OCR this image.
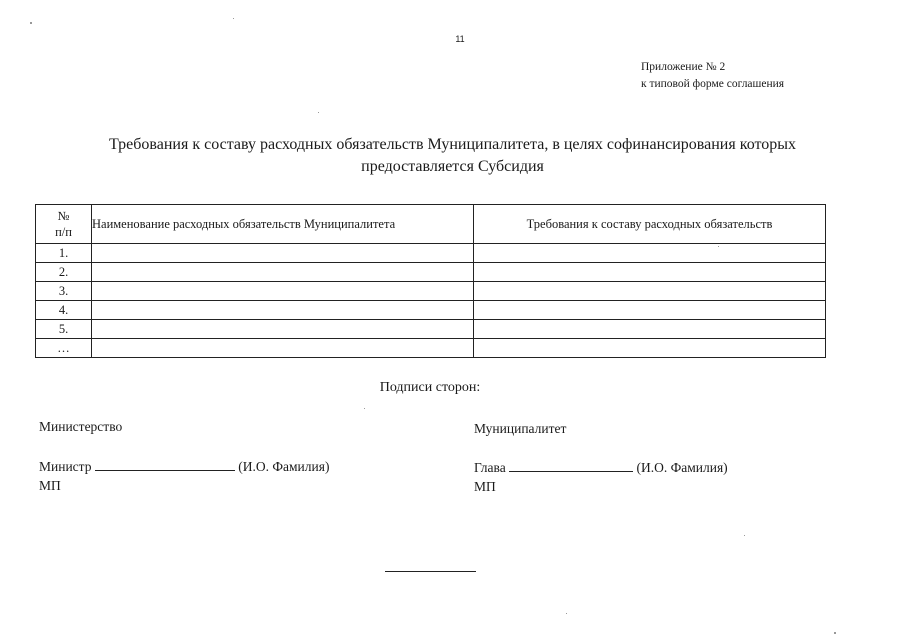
11
Приложение № 2
к типовой форме соглашения
Требования к составу расходных обязательств Муниципалитета, в целях софинансирования которых
предоставляется Субсидия
№
п/п	Наименование расходных обязательств Муниципалитета	Требования к составу расходных обязательств
1.		
2.		
3.		
4.		
5.		
…		
Подписи сторон:
Министерство	Муниципалитет
Министр	(И.О. Фамилия)	Глава	(И.О. Фамилия)
МП	МП
